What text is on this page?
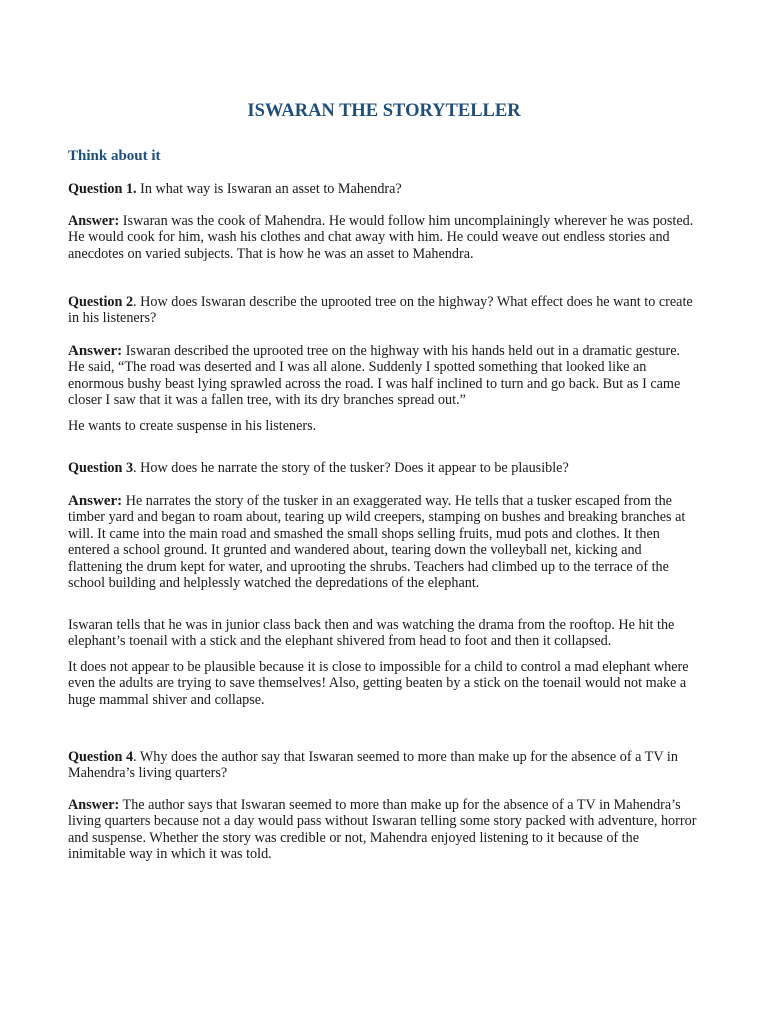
ISWARAN THE STORYTELLER
Think about it

Question 1. In what way is Iswaran an asset to Mahendra?

Answer: Iswaran was the cook of Mahendra. He would follow him uncomplainingly wherever he was posted. He would cook for him, wash his clothes and chat away with him. He could weave out endless stories and anecdotes on varied subjects. That is how he was an asset to Mahendra.

Question 2. How does Iswaran describe the uprooted tree on the highway? What effect does he want to create in his listeners?

Answer: Iswaran described the uprooted tree on the highway with his hands held out in a dramatic gesture. He said, “The road was deserted and I was all alone. Suddenly I spotted something that looked like an enormous bushy beast lying sprawled across the road. I was half inclined to turn and go back. But as I came closer I saw that it was a fallen tree, with its dry branches spread out.”

He wants to create suspense in his listeners.

Question 3. How does he narrate the story of the tusker? Does it appear to be plausible?

Answer: He narrates the story of the tusker in an exaggerated way. He tells that a tusker escaped from the timber yard and began to roam about, tearing up wild creepers, stamping on bushes and breaking branches at will. It came into the main road and smashed the small shops selling fruits, mud pots and clothes. It then entered a school ground. It grunted and wandered about, tearing down the volleyball net, kicking and flattening the drum kept for water, and uprooting the shrubs. Teachers had climbed up to the terrace of the school building and helplessly watched the depredations of the elephant.

Iswaran tells that he was in junior class back then and was watching the drama from the rooftop. He hit the elephant’s toenail with a stick and the elephant shivered from head to foot and then it collapsed.

It does not appear to be plausible because it is close to impossible for a child to control a mad elephant where even the adults are trying to save themselves! Also, getting beaten by a stick on the toenail would not make a huge mammal shiver and collapse.

Question 4. Why does the author say that Iswaran seemed to more than make up for the absence of a TV in Mahendra’s living quarters?

Answer: The author says that Iswaran seemed to more than make up for the absence of a TV in Mahendra’s living quarters because not a day would pass without Iswaran telling some story packed with adventure, horror and suspense. Whether the story was credible or not, Mahendra enjoyed listening to it because of the inimitable way in which it was told.
